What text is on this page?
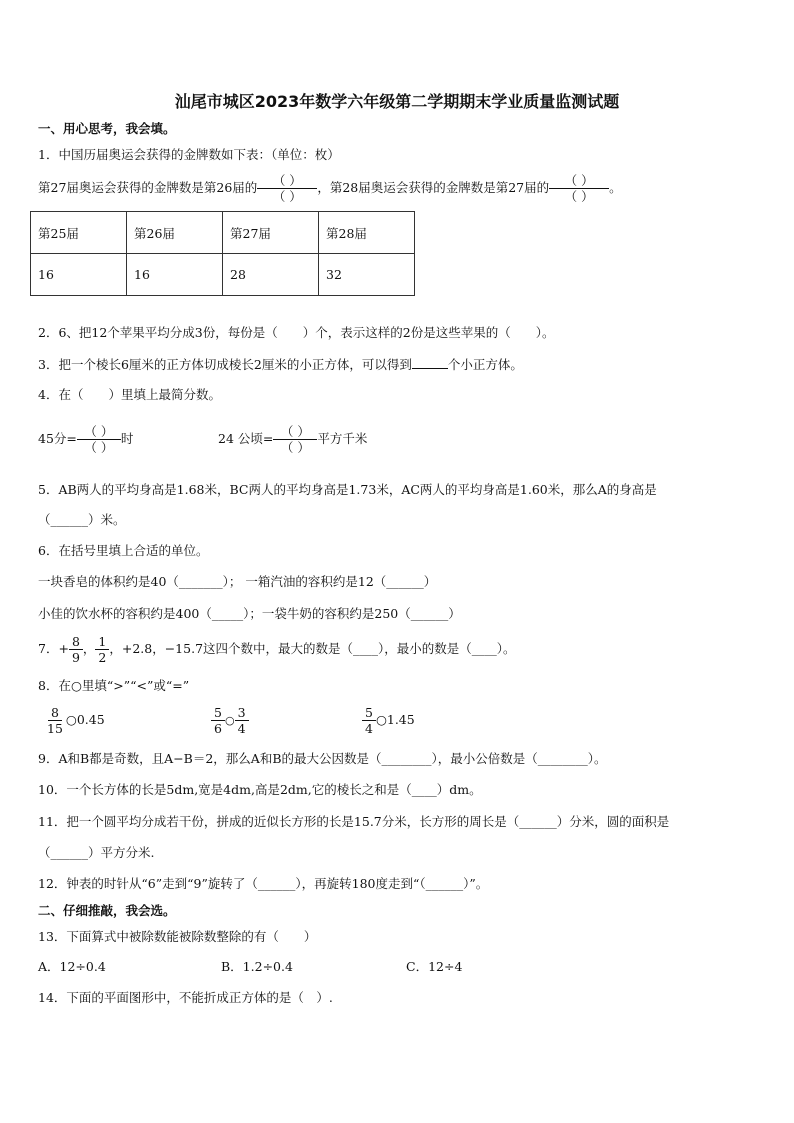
汕尾市城区2023年数学六年级第二学期期末学业质量监测试题
一、用心思考，我会填。
1．中国历届奥运会获得的金牌数如下表：（单位：枚）
第27届奥运会获得的金牌数是第26届的 $\frac{( )}{( )}$ ，第28届奥运会获得的金牌数是第27届的 $\frac{( )}{( )}$ 。
第25届	第26届	第27届	第28届
16	16	28	32
2．6、把12个苹果平均分成3份，每份是（　　）个，表示这样的2份是这些苹果的（　　）。
3．把一个棱长6厘米的正方体切成棱长2厘米的小正方体，可以得到	个小正方体。
4．在（　　）里填上最简分数。
45分= $\frac{( )}{( )}$ 时	24 公顷= $\frac{( )}{( )}$ 平方千米
5．AB两人的平均身高是1.68米，BC两人的平均身高是1.73米，AC两人的平均身高是1.60米，那么A的身高是
（______）米。
6．在括号里填上合适的单位。
一块香皂的体积约是40（_______）； 一箱汽油的容积约是12（______）
小佳的饮水杯的容积约是400（_____）；一袋牛奶的容积约是250（______）
7．+ $\frac{8}{9}$ ， $\frac{1}{2}$ ，+2.8，−15.7这四个数中，最大的数是（____），最小的数是（____）。
8．在○里填“>”“<”或“=”
$\frac{8}{15}$ ○0.45	$\frac{5}{6}$ ○ $\frac{3}{4}$	$\frac{5}{4}$ ○1.45
9．A和B都是奇数，且A−B＝2，那么A和B的最大公因数是（________），最小公倍数是（________）。
10．一个长方体的长是5dm,宽是4dm,高是2dm,它的棱长之和是（____）dm。
11．把一个圆平均分成若干份，拼成的近似长方形的长是15.7分米，长方形的周长是（______）分米，圆的面积是
（______）平方分米.
12．钟表的时针从“6”走到“9”旋转了（______），再旋转180度走到“（______）”。
二、仔细推敲，我会选。
13．下面算式中被除数能被除数整除的有（　　）
A．12÷0.4	B．1.2÷0.4	C．12÷4
14．下面的平面图形中，不能折成正方体的是（　）.
